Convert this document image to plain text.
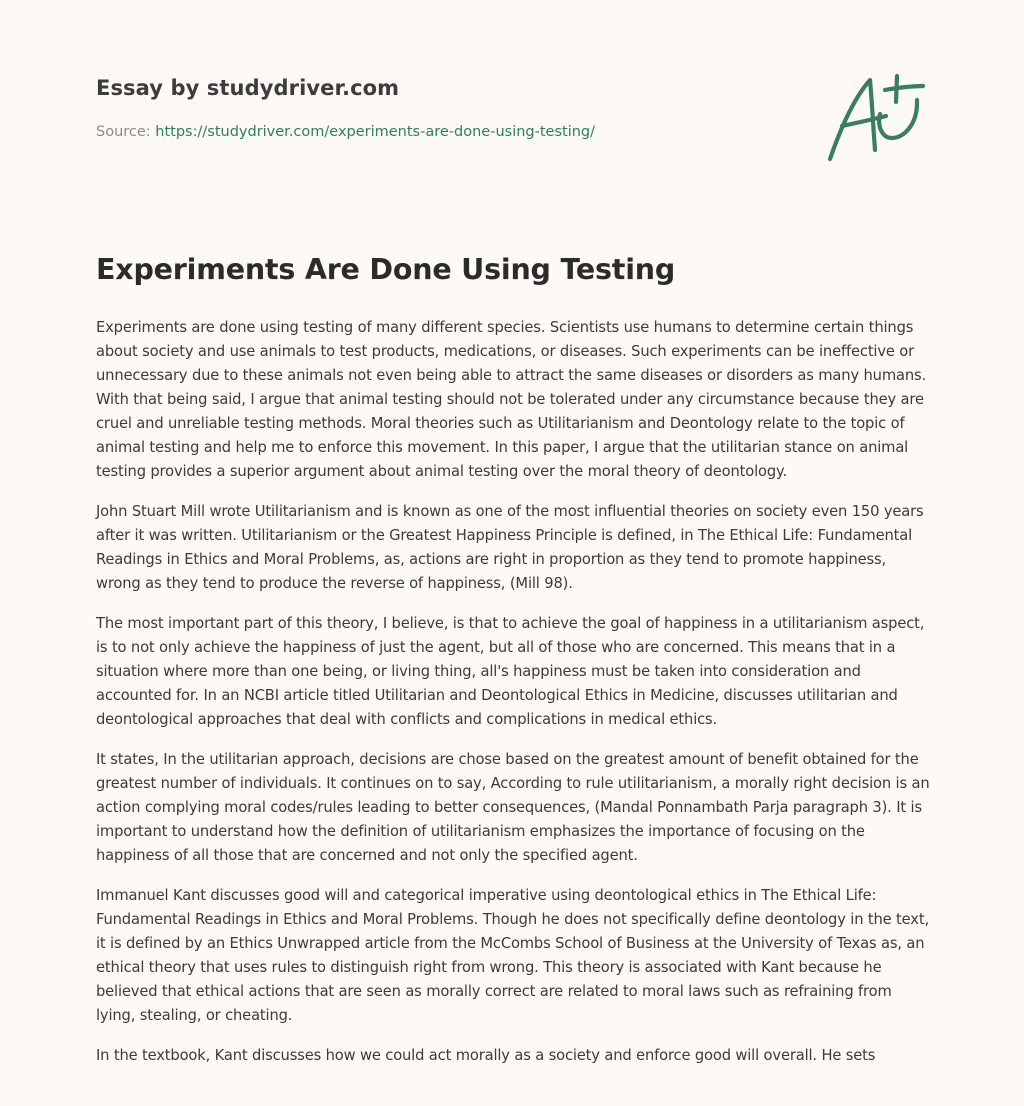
Essay by studydriver.com
Source: https://studydriver.com/experiments-are-done-using-testing/
Experiments Are Done Using Testing

Experiments are done using testing of many different species. Scientists use humans to determine certain things about society and use animals to test products, medications, or diseases. Such experiments can be ineffective or unnecessary due to these animals not even being able to attract the same diseases or disorders as many humans. With that being said, I argue that animal testing should not be tolerated under any circumstance because they are cruel and unreliable testing methods. Moral theories such as Utilitarianism and Deontology relate to the topic of animal testing and help me to enforce this movement. In this paper, I argue that the utilitarian stance on animal testing provides a superior argument about animal testing over the moral theory of deontology.

John Stuart Mill wrote Utilitarianism and is known as one of the most influential theories on society even 150 years after it was written. Utilitarianism or the Greatest Happiness Principle is defined, in The Ethical Life: Fundamental Readings in Ethics and Moral Problems, as, actions are right in proportion as they tend to promote happiness, wrong as they tend to produce the reverse of happiness, (Mill 98).

The most important part of this theory, I believe, is that to achieve the goal of happiness in a utilitarianism aspect, is to not only achieve the happiness of just the agent, but all of those who are concerned. This means that in a situation where more than one being, or living thing, all's happiness must be taken into consideration and accounted for. In an NCBI article titled Utilitarian and Deontological Ethics in Medicine, discusses utilitarian and deontological approaches that deal with conflicts and complications in medical ethics.

It states, In the utilitarian approach, decisions are chose based on the greatest amount of benefit obtained for the greatest number of individuals. It continues on to say, According to rule utilitarianism, a morally right decision is an action complying moral codes/rules leading to better consequences, (Mandal Ponnambath Parja paragraph 3). It is important to understand how the definition of utilitarianism emphasizes the importance of focusing on the happiness of all those that are concerned and not only the specified agent.

Immanuel Kant discusses good will and categorical imperative using deontological ethics in The Ethical Life: Fundamental Readings in Ethics and Moral Problems. Though he does not specifically define deontology in the text, it is defined by an Ethics Unwrapped article from the McCombs School of Business at the University of Texas as, an ethical theory that uses rules to distinguish right from wrong. This theory is associated with Kant because he believed that ethical actions that are seen as morally correct are related to moral laws such as refraining from lying, stealing, or cheating.

In the textbook, Kant discusses how we could act morally as a society and enforce good will overall. He sets
